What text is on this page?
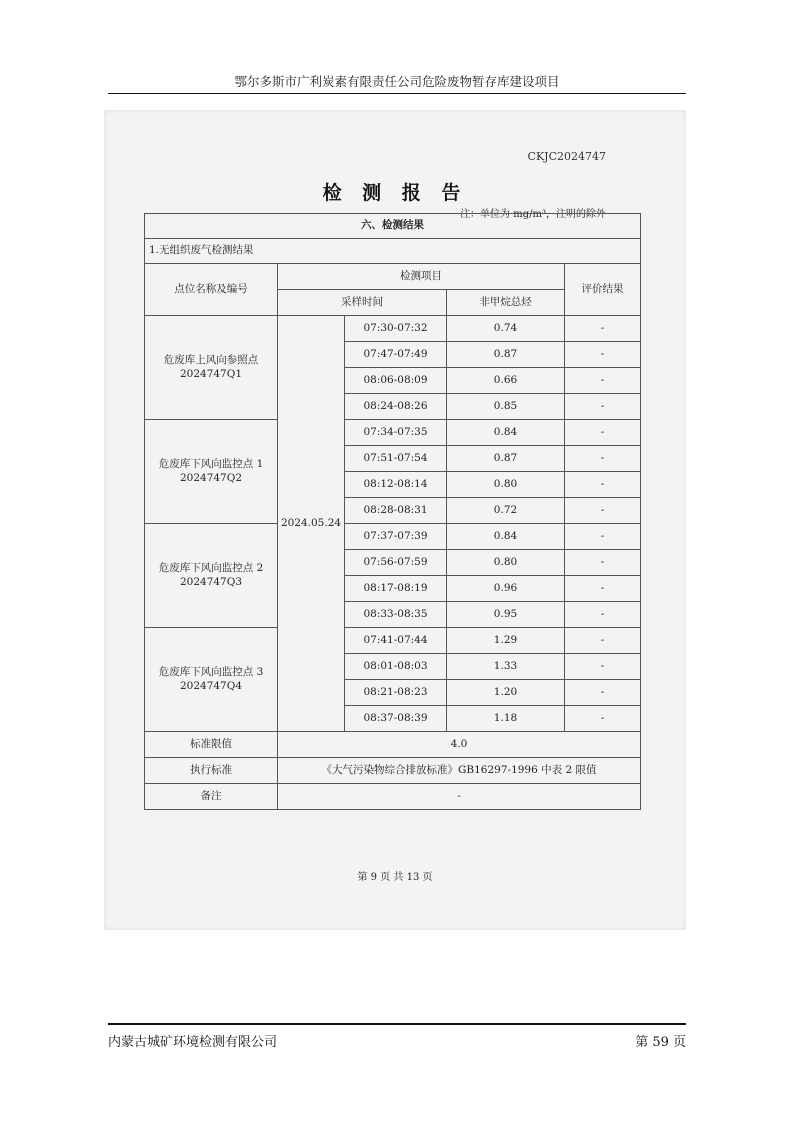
鄂尔多斯市广利炭素有限责任公司危险废物暂存库建设项目
CKJC2024747
检 测 报 告
注：单位为 mg/m³，注明的除外
六、检测结果				
1.无组织废气检测结果				
点位名称及编号	检测项目			评价结果
	采样时间		非甲烷总烃	

危废库上风向参照点
2024747Q1	2024.05.24	07:30-07:32	0.74	-
		07:47-07:49	0.87	-
		08:06-08:09	0.66	-
		08:24-08:26	0.85	-

危废库下风向监控点 1
2024747Q2		07:34-07:35	0.84	-
		07:51-07:54	0.87	-
		08:12-08:14	0.80	-
		08:28-08:31	0.72	-

危废库下风向监控点 2
2024747Q3		07:37-07:39	0.84	-
		07:56-07:59	0.80	-
		08:17-08:19	0.96	-
		08:33-08:35	0.95	-

危废库下风向监控点 3
2024747Q4		07:41-07:44	1.29	-
		08:01-08:03	1.33	-
		08:21-08:23	1.20	-
		08:37-08:39	1.18	-
标准限值	4.0			
执行标准	《大气污染物综合排放标准》GB16297-1996 中表 2 限值			
备注	-			
第 9 页 共 13 页
内蒙古城矿环境检测有限公司	第 59 页
